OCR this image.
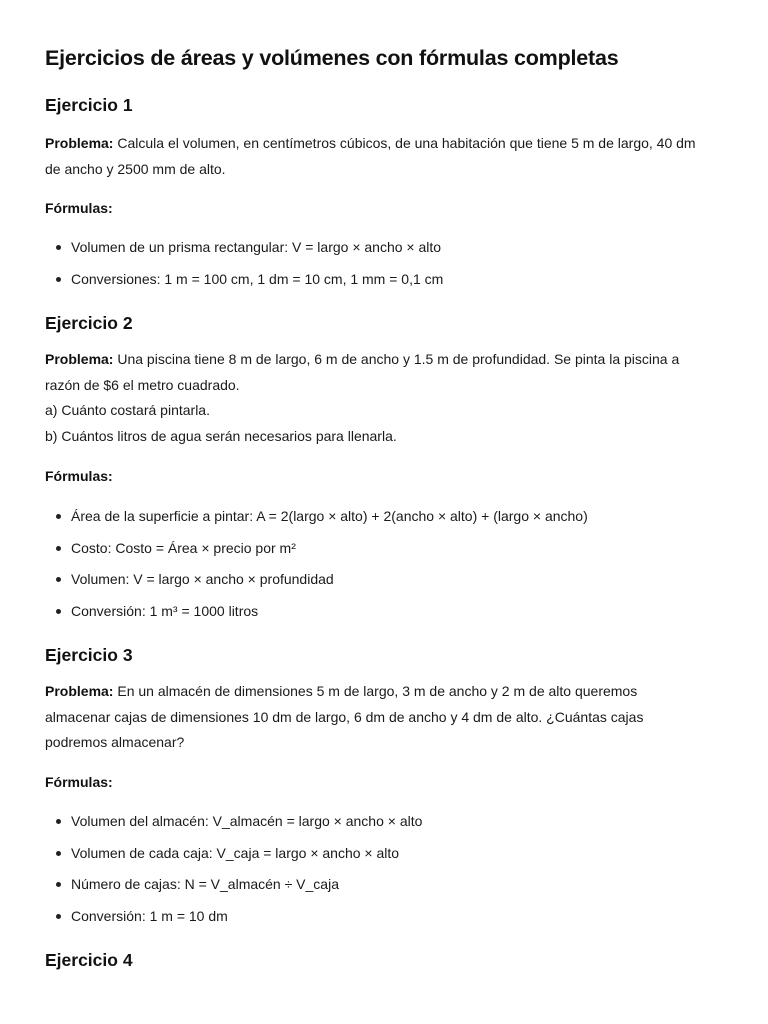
Ejercicios de áreas y volúmenes con fórmulas completas
Ejercicio 1

Problema: Calcula el volumen, en centímetros cúbicos, de una habitación que tiene 5 m de largo, 40 dm
de ancho y 2500 mm de alto.

Fórmulas:

Volumen de un prisma rectangular: V = largo × ancho × alto
Conversiones: 1 m = 100 cm, 1 dm = 10 cm, 1 mm = 0,1 cm
Ejercicio 2

Problema: Una piscina tiene 8 m de largo, 6 m de ancho y 1.5 m de profundidad. Se pinta la piscina a
razón de $6 el metro cuadrado.
a) Cuánto costará pintarla.
b) Cuántos litros de agua serán necesarios para llenarla.

Fórmulas:

Área de la superficie a pintar: A = 2(largo × alto) + 2(ancho × alto) + (largo × ancho)
Costo: Costo = Área × precio por m²
Volumen: V = largo × ancho × profundidad
Conversión: 1 m³ = 1000 litros
Ejercicio 3

Problema: En un almacén de dimensiones 5 m de largo, 3 m de ancho y 2 m de alto queremos
almacenar cajas de dimensiones 10 dm de largo, 6 dm de ancho y 4 dm de alto. ¿Cuántas cajas
podremos almacenar?

Fórmulas:

Volumen del almacén: V_almacén = largo × ancho × alto
Volumen de cada caja: V_caja = largo × ancho × alto
Número de cajas: N = V_almacén ÷ V_caja
Conversión: 1 m = 10 dm
Ejercicio 4
